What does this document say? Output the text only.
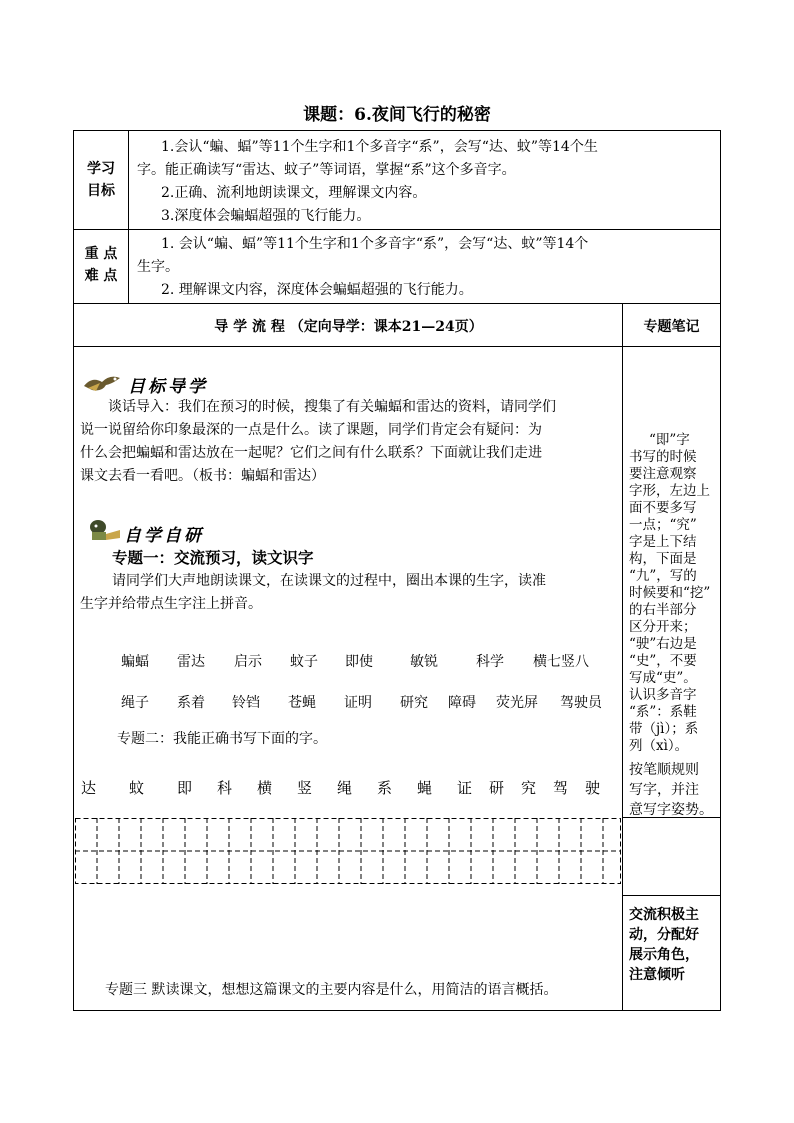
课题：6.夜间飞行的秘密
学习
目标
1.会认“蝙、蝠”等11个生字和1个多音字“系”，会写“达、蚊”等14个生
字。能正确读写“雷达、蚊子”等词语，掌握“系”这个多音字。
2.正确、流利地朗读课文，理解课文内容。
3.深度体会蝙蝠超强的飞行能力。
重 点
难 点
1. 会认“蝙、蝠”等11个生字和1个多音字“系”，会写“达、蚊”等14个
生字。
2. 理解课文内容，深度体会蝙蝠超强的飞行能力。
导 学 流 程 （定向导学：课本21—24页）	专题笔记
目标导学
谈话导入：我们在预习的时候，搜集了有关蝙蝠和雷达的资料，请同学们
说一说留给你印象最深的一点是什么。读了课题，同学们肯定会有疑问：为
什么会把蝙蝠和雷达放在一起呢？它们之间有什么联系？下面就让我们走进
课文去看一看吧。（板书：蝙蝠和雷达）
自学自研
专题一：交流预习，读文识字
请同学们大声地朗读课文，在读课文的过程中，圈出本课的生字，读准
生字并给带点生字注上拼音。
蝙蝠 雷达 启示 蚊子 即使	敏锐	科学 横七竖八
绳子 系着 铃铛 苍蝇 证明 研究 障碍 荧光屏 驾驶员
专题二：我能正确书写下面的字。
达 蚊 即 科 横 竖 绳 系 蝇 证 研 究 驾 驶
专题三 默读课文，想想这篇课文的主要内容是什么，用简洁的语言概括。
“即”字
书写的时候
要注意观察
字形，左边上
面不要多写
一点；“究”
字是上下结
构，下面是
“九”，写的
时候要和“挖”
的右半部分
区分开来；
“驶”右边是
“史”，不要
写成“吏”。
认识多音字
“系”：系鞋
带（jì）；系
列（xì）。
按笔顺规则
写字，并注
意写字姿势。
交流积极主
动，分配好
展示角色，
注意倾听
